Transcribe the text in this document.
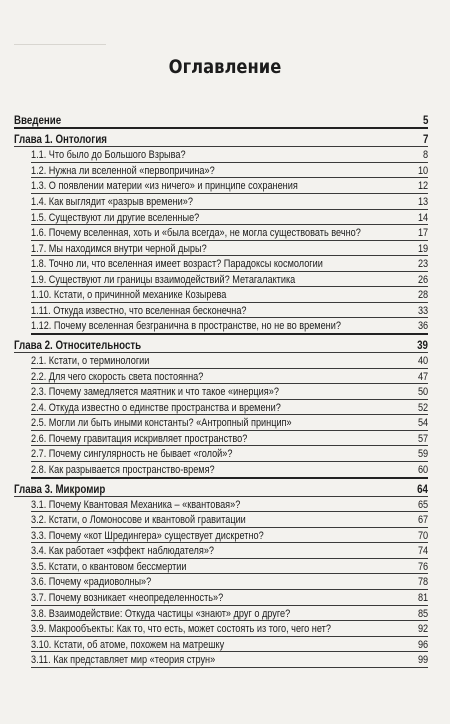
Оглавление
Введение	5
Глава 1. Онтология	7
1.1. Что было до Большого Взрыва?	8
1.2. Нужна ли вселенной «первопричина»?	10
1.3. О появлении материи «из ничего» и принципе сохранения	12
1.4. Как выглядит «разрыв времени»?	13
1.5. Существуют ли другие вселенные?	14
1.6. Почему вселенная, хоть и «была всегда», не могла существовать вечно?	17
1.7. Мы находимся внутри черной дыры?	19
1.8. Точно ли, что вселенная имеет возраст? Парадоксы космологии	23
1.9. Существуют ли границы взаимодействий? Метагалактика	26
1.10. Кстати, о причинной механике Козырева	28
1.11. Откуда известно, что вселенная бесконечна?	33
1.12. Почему вселенная безгранична в пространстве, но не во времени?	36
Глава 2. Относительность	39
2.1. Кстати, о терминологии	40
2.2. Для чего скорость света постоянна?	47
2.3. Почему замедляется маятник и что такое «инерция»?	50
2.4. Откуда известно о единстве пространства и времени?	52
2.5. Могли ли быть иными константы? «Антропный принцип»	54
2.6. Почему гравитация искривляет пространство?	57
2.7. Почему сингулярность не бывает «голой»?	59
2.8. Как разрывается пространство-время?	60
Глава 3. Микромир	64
3.1. Почему Квантовая Механика – «квантовая»?	65
3.2. Кстати, о Ломоносове и квантовой гравитации	67
3.3. Почему «кот Шредингера» существует дискретно?	70
3.4. Как работает «эффект наблюдателя»?	74
3.5. Кстати, о квантовом бессмертии	76
3.6. Почему «радиоволны»?	78
3.7. Почему возникает «неопределенность»?	81
3.8. Взаимодействие: Откуда частицы «знают» друг о друге?	85
3.9. Макрообъекты: Как то, что есть, может состоять из того, чего нет?	92
3.10. Кстати, об атоме, похожем на матрешку	96
3.11. Как представляет мир «теория струн»	99
